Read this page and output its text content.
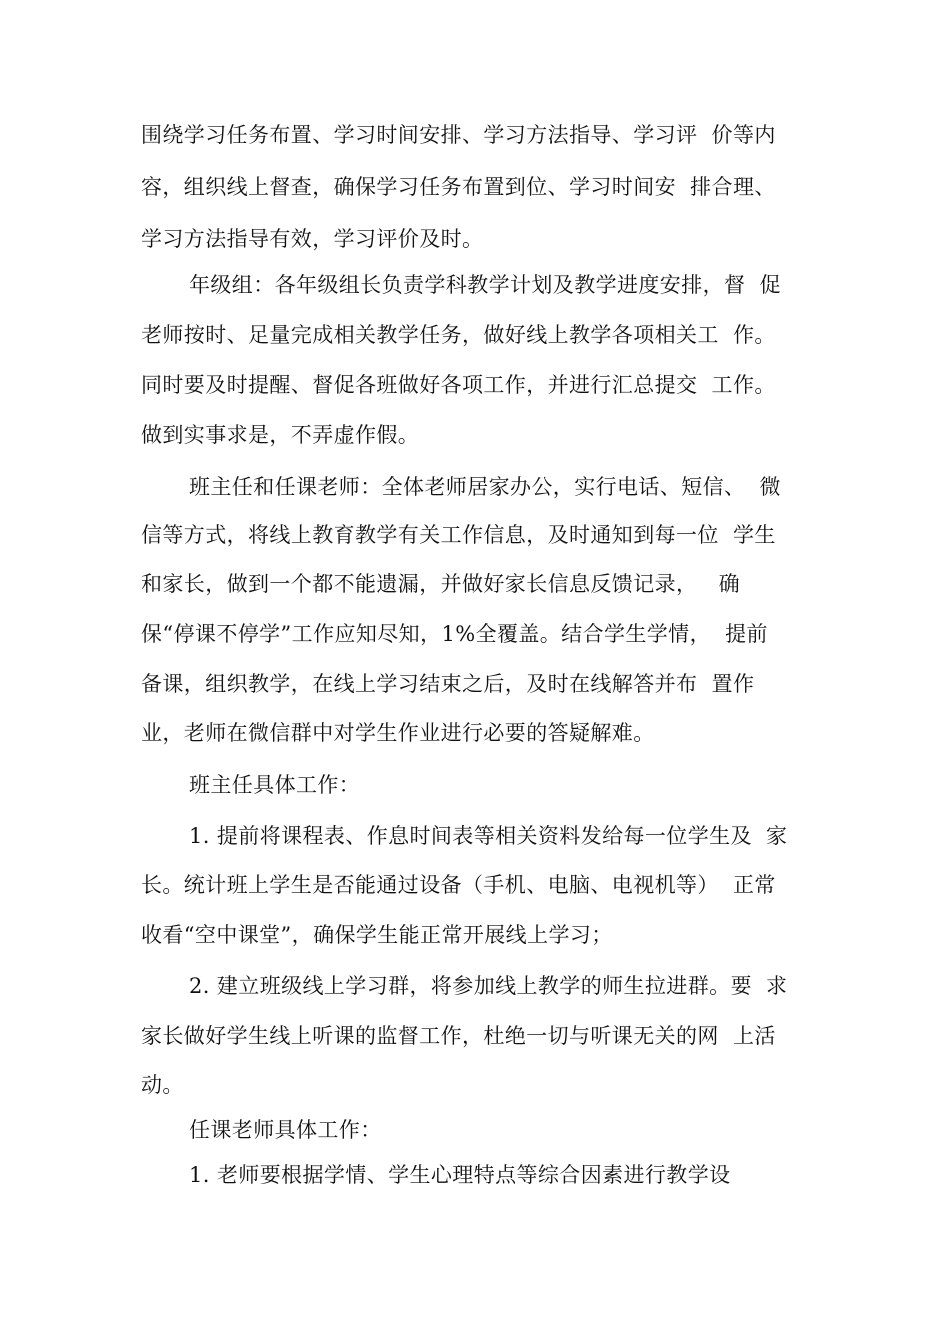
围绕学习任务布置、学习时间安排、学习方法指导、学习评  价等内
容，组织线上督查，确保学习任务布置到位、学习时间安  排合理、
学习方法指导有效，学习评价及时。
年级组：各年级组长负责学科教学计划及教学进度安排，督  促
老师按时、足量完成相关教学任务，做好线上教学各项相关工  作。
同时要及时提醒、督促各班做好各项工作，并进行汇总提交  工作。
做到实事求是，不弄虚作假。
班主任和任课老师：全体老师居家办公，实行电话、短信、  微
信等方式，将线上教育教学有关工作信息，及时通知到每一位  学生
和家长，做到一个都不能遗漏，并做好家长信息反馈记录，   确
保“停课不停学”工作应知尽知，1%全覆盖。结合学生学情，  提前
备课，组织教学，在线上学习结束之后，及时在线解答并布  置作
业，老师在微信群中对学生作业进行必要的答疑解难。
班主任具体工作：
1. 提前将课程表、作息时间表等相关资料发给每一位学生及  家
长。统计班上学生是否能通过设备（手机、电脑、电视机等）  正常
收看“空中课堂”，确保学生能正常开展线上学习；
2. 建立班级线上学习群，将参加线上教学的师生拉进群。要  求
家长做好学生线上听课的监督工作，杜绝一切与听课无关的网  上活
动。
任课老师具体工作：
1. 老师要根据学情、学生心理特点等综合因素进行教学设
